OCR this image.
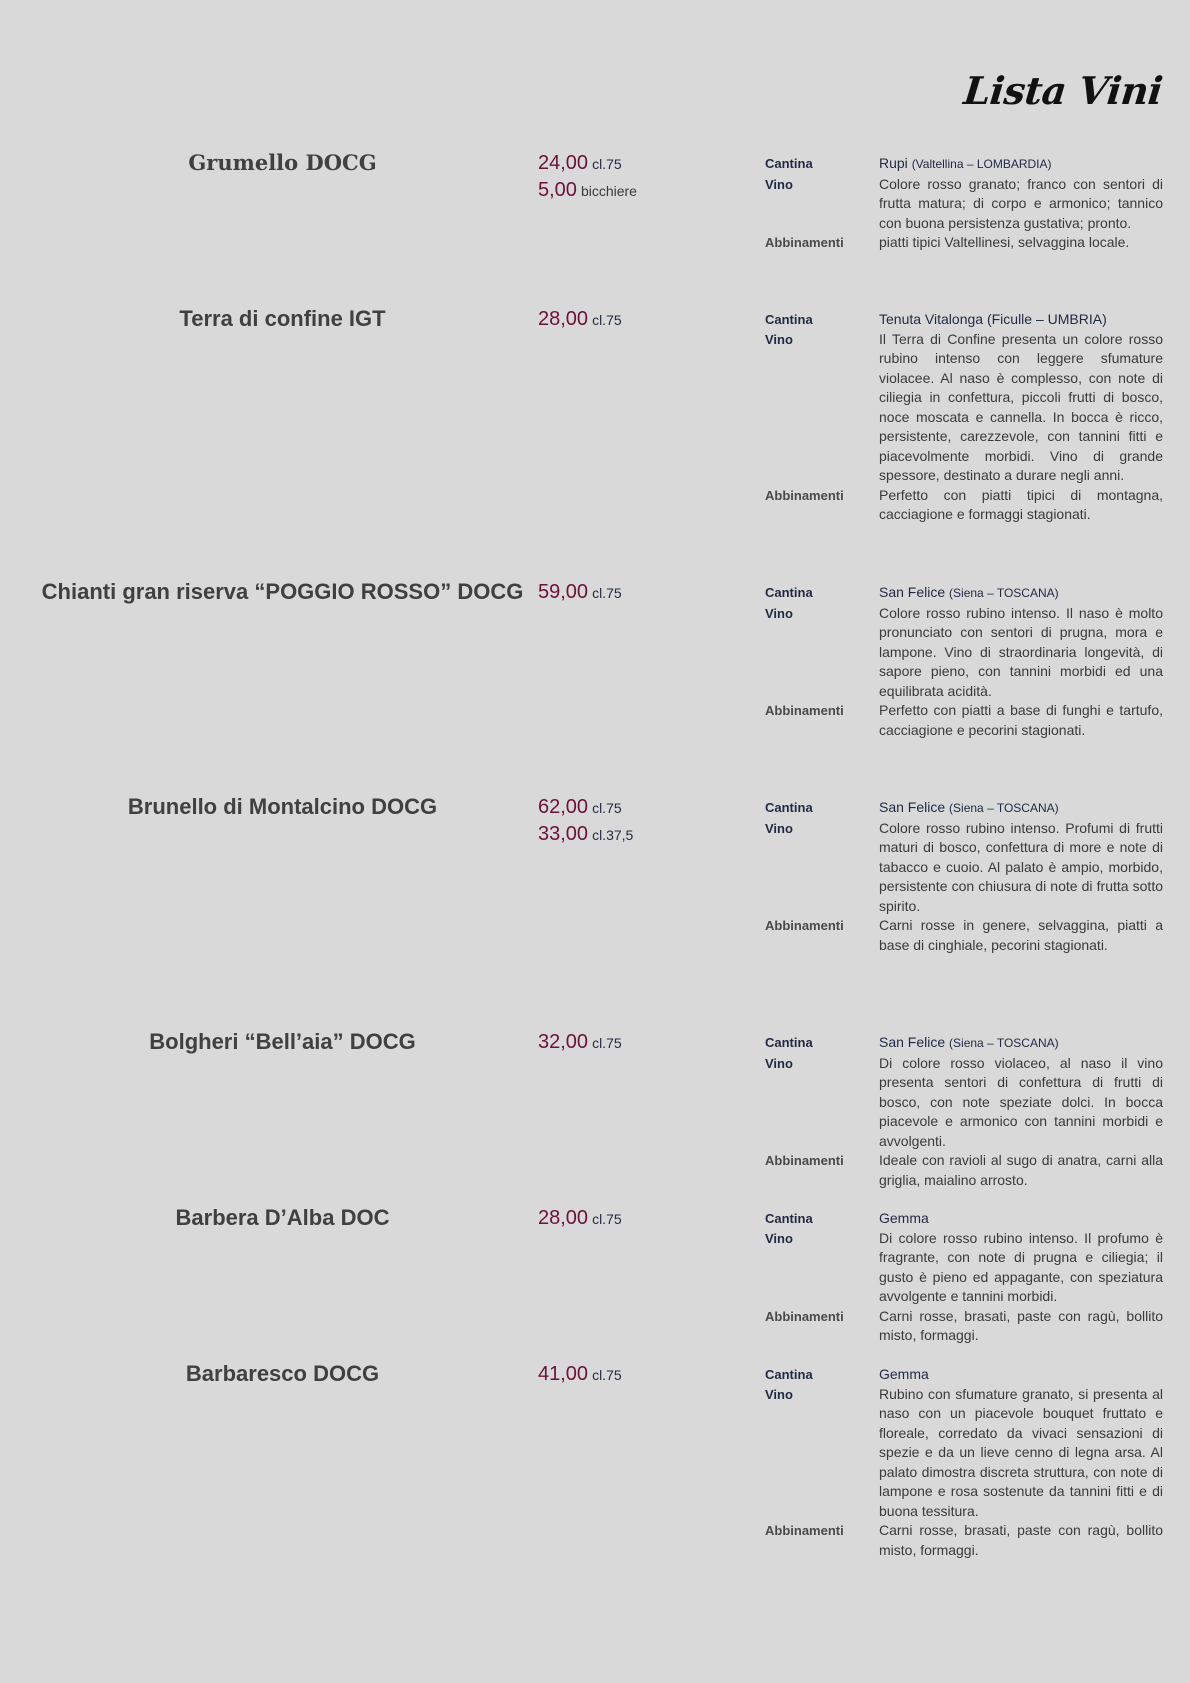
Lista Vini
Grumello DOCG	24,00 cl.75
5,00 bicchiere
Cantina	Rupi (Valtellina – LOMBARDIA)
Vino	Colore rosso granato; franco con sentori di frutta matura; di corpo e armonico; tannico con buona persistenza gustativa; pronto.
Abbinamenti	piatti tipici Valtellinesi, selvaggina locale.
Terra di confine IGT	28,00 cl.75	Cantina	Tenuta Vitalonga (Ficulle – UMBRIA)
Vino	Il Terra di Confine presenta un colore rosso rubino intenso con leggere sfumature violacee. Al naso è complesso, con note di ciliegia in confettura, piccoli frutti di bosco, noce moscata e cannella. In bocca è ricco, persistente, carezzevole, con tannini fitti e piacevolmente morbidi. Vino di grande spessore, destinato a durare negli anni.
Abbinamenti	Perfetto con piatti tipici di montagna, cacciagione e formaggi stagionati.
Chianti gran riserva “POGGIO ROSSO” DOCG 59,00 cl.75	Cantina	San Felice (Siena – TOSCANA)
Vino	Colore rosso rubino intenso. Il naso è molto pronunciato con sentori di prugna, mora e lampone. Vino di straordinaria longevità, di sapore pieno, con tannini morbidi ed una equilibrata acidità.
Abbinamenti	Perfetto con piatti a base di funghi e tartufo, cacciagione e pecorini stagionati.
Brunello di Montalcino DOCG	62,00 cl.75
33,00 cl.37,5
Cantina	San Felice (Siena – TOSCANA)
Vino	Colore rosso rubino intenso. Profumi di frutti maturi di bosco, confettura di more e note di tabacco e cuoio. Al palato è ampio, morbido, persistente con chiusura di note di frutta sotto spirito.
Abbinamenti	Carni rosse in genere, selvaggina, piatti a base di cinghiale, pecorini stagionati.
Bolgheri “Bell’aia” DOCG	32,00 cl.75	Cantina	San Felice (Siena – TOSCANA)
Vino	Di colore rosso violaceo, al naso il vino presenta sentori di confettura di frutti di bosco, con note speziate dolci. In bocca piacevole e armonico con tannini morbidi e avvolgenti.
Abbinamenti	Ideale con ravioli al sugo di anatra, carni alla griglia, maialino arrosto.
Barbera D’Alba DOC	28,00 cl.75	Cantina	Gemma
Vino	Di colore rosso rubino intenso. Il profumo è fragrante, con note di prugna e ciliegia; il gusto è pieno ed appagante, con speziatura avvolgente e tannini morbidi.
Abbinamenti	Carni rosse, brasati, paste con ragù, bollito misto, formaggi.
Barbaresco DOCG	41,00 cl.75	Cantina	Gemma
Vino	Rubino con sfumature granato, si presenta al naso con un piacevole bouquet fruttato e floreale, corredato da vivaci sensazioni di spezie e da un lieve cenno di legna arsa. Al palato dimostra discreta struttura, con note di lampone e rosa sostenute da tannini fitti e di buona tessitura.
Abbinamenti	Carni rosse, brasati, paste con ragù, bollito misto, formaggi.
